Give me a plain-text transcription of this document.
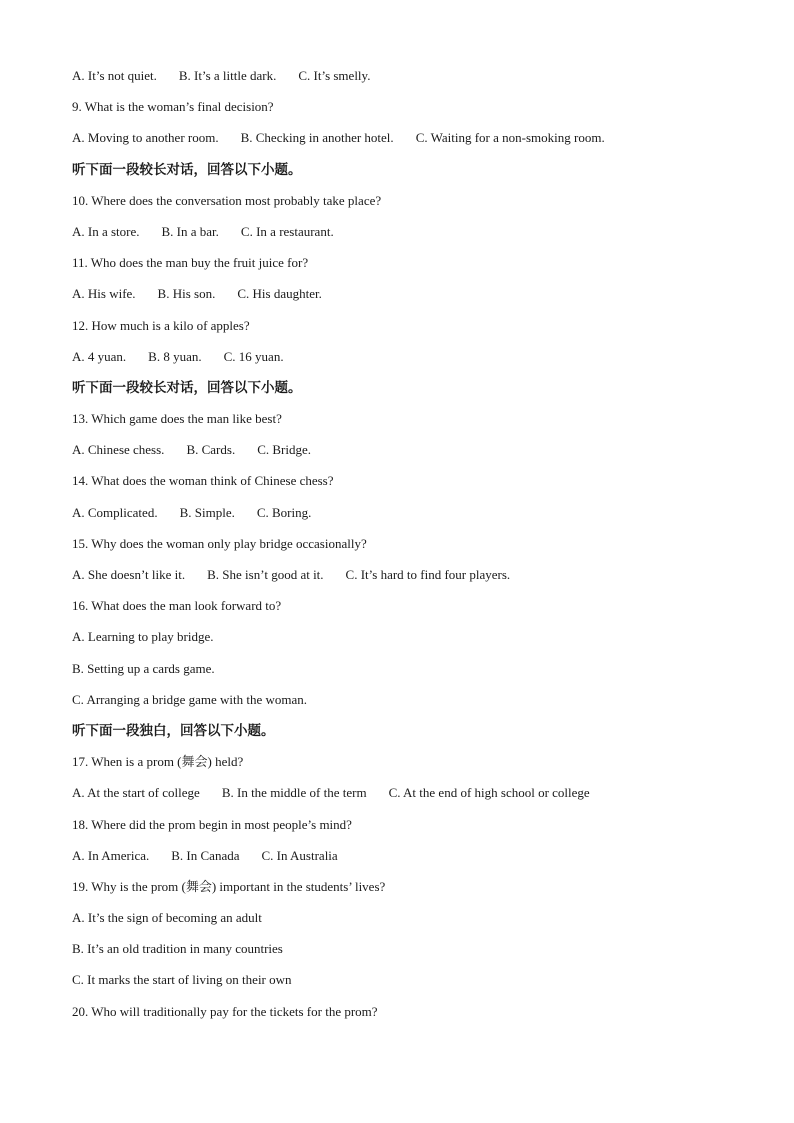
A. It’s not quiet. B. It’s a little dark. C. It’s smelly.
9. What is the woman’s final decision?
A. Moving to another room. B. Checking in another hotel. C. Waiting for a non-smoking room.
听下面一段较长对话，回答以下小题。
10. Where does the conversation most probably take place?
A. In a store. B. In a bar. C. In a restaurant.
11. Who does the man buy the fruit juice for?
A. His wife. B. His son. C. His daughter.
12. How much is a kilo of apples?
A. 4 yuan. B. 8 yuan. C. 16 yuan.
听下面一段较长对话，回答以下小题。
13. Which game does the man like best?
A. Chinese chess. B. Cards. C. Bridge.
14. What does the woman think of Chinese chess?
A. Complicated. B. Simple. C. Boring.
15. Why does the woman only play bridge occasionally?
A. She doesn’t like it. B. She isn’t good at it. C. It’s hard to find four players.
16. What does the man look forward to?
A. Learning to play bridge.
B. Setting up a cards game.
C. Arranging a bridge game with the woman.
听下面一段独白，回答以下小题。
17. When is a prom (舞会) held?
A. At the start of college B. In the middle of the term C. At the end of high school or college
18. Where did the prom begin in most people’s mind?
A. In America. B. In Canada C. In Australia
19. Why is the prom (舞会) important in the students’ lives?
A. It’s the sign of becoming an adult
B. It’s an old tradition in many countries
C. It marks the start of living on their own
20. Who will traditionally pay for the tickets for the prom?
